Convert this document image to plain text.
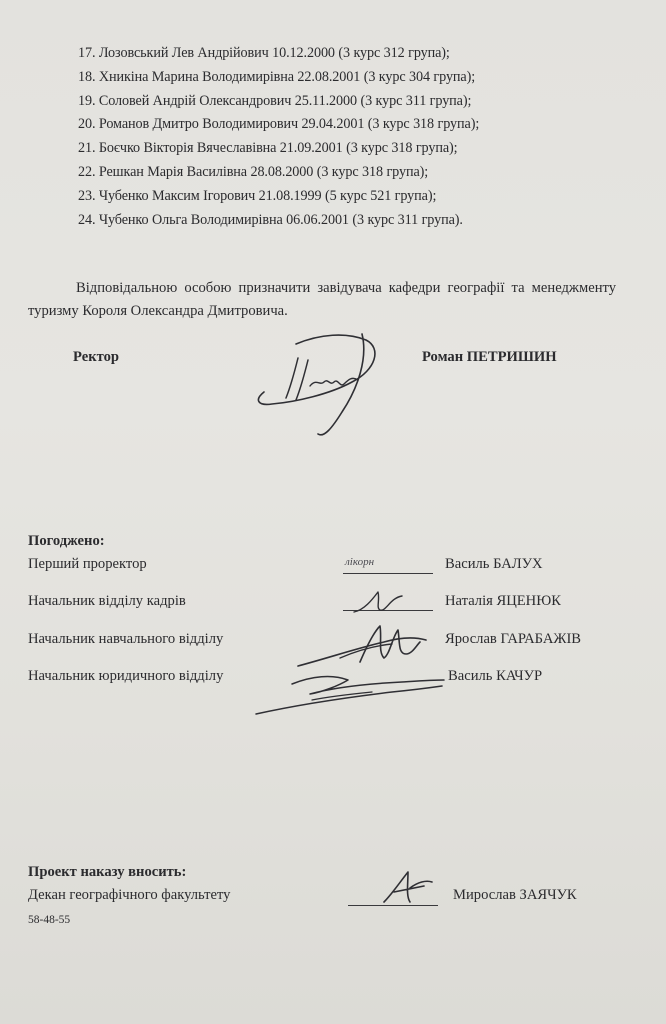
17. Лозовський Лев Андрійович 10.12.2000 (3 курс 312 група);
18. Хникіна Марина Володимирівна 22.08.2001 (3 курс 304 група);
19. Соловей Андрій Олександрович 25.11.2000 (3 курс 311 група);
20. Романов Дмитро Володимирович 29.04.2001 (3 курс 318 група);
21. Боєчко Вікторія Вячеславівна 21.09.2001 (3 курс 318 група);
22. Решкан Марія Василівна 28.08.2000 (3 курс 318 група);
23. Чубенко Максим Ігорович 21.08.1999 (5 курс 521 група);
24. Чубенко Ольга Володимирівна 06.06.2001 (3 курс 311 група).

Відповідальною особою призначити завідувача кафедри географії та менеджменту туризму Короля Олександра Дмитровича.

Ректор	Роман ПЕТРИШИН
Погоджено:
Перший проректор	лікорн	Василь БАЛУХ
Начальник відділу кадрів	Наталія ЯЦЕНЮК
Начальник навчального відділу	Ярослав ГАРАБАЖІВ
Начальник юридичного відділу	Василь КАЧУР
Проект наказу вносить:
Декан географічного факультету	Мирослав ЗАЯЧУК
58-48-55
